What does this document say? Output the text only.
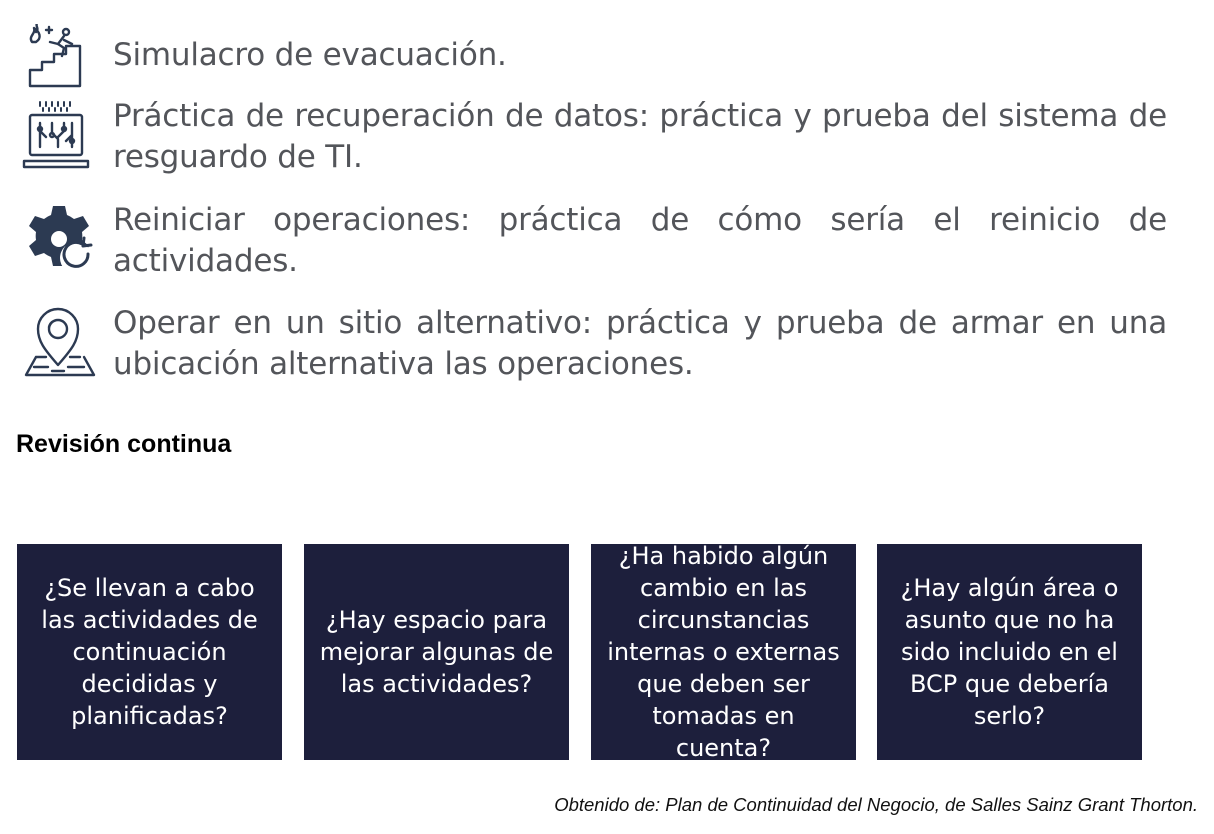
Simulacro de evacuación.
Práctica de recuperación de datos: práctica y prueba del sistema de resguardo de TI.
Reiniciar operaciones: práctica de cómo sería el reinicio de actividades.
Operar en un sitio alternativo: práctica y prueba de armar en una ubicación alternativa las operaciones.
Revisión continua
¿Se llevan a cabo las actividades de continuación decididas y planificadas?
¿Hay espacio para mejorar algunas de las actividades?
¿Ha habido algún cambio en las circunstancias internas o externas que deben ser tomadas en cuenta?
¿Hay algún área o asunto que no ha sido incluido en el BCP que debería serlo?
Obtenido de: Plan de Continuidad del Negocio, de Salles Sainz Grant Thorton.
